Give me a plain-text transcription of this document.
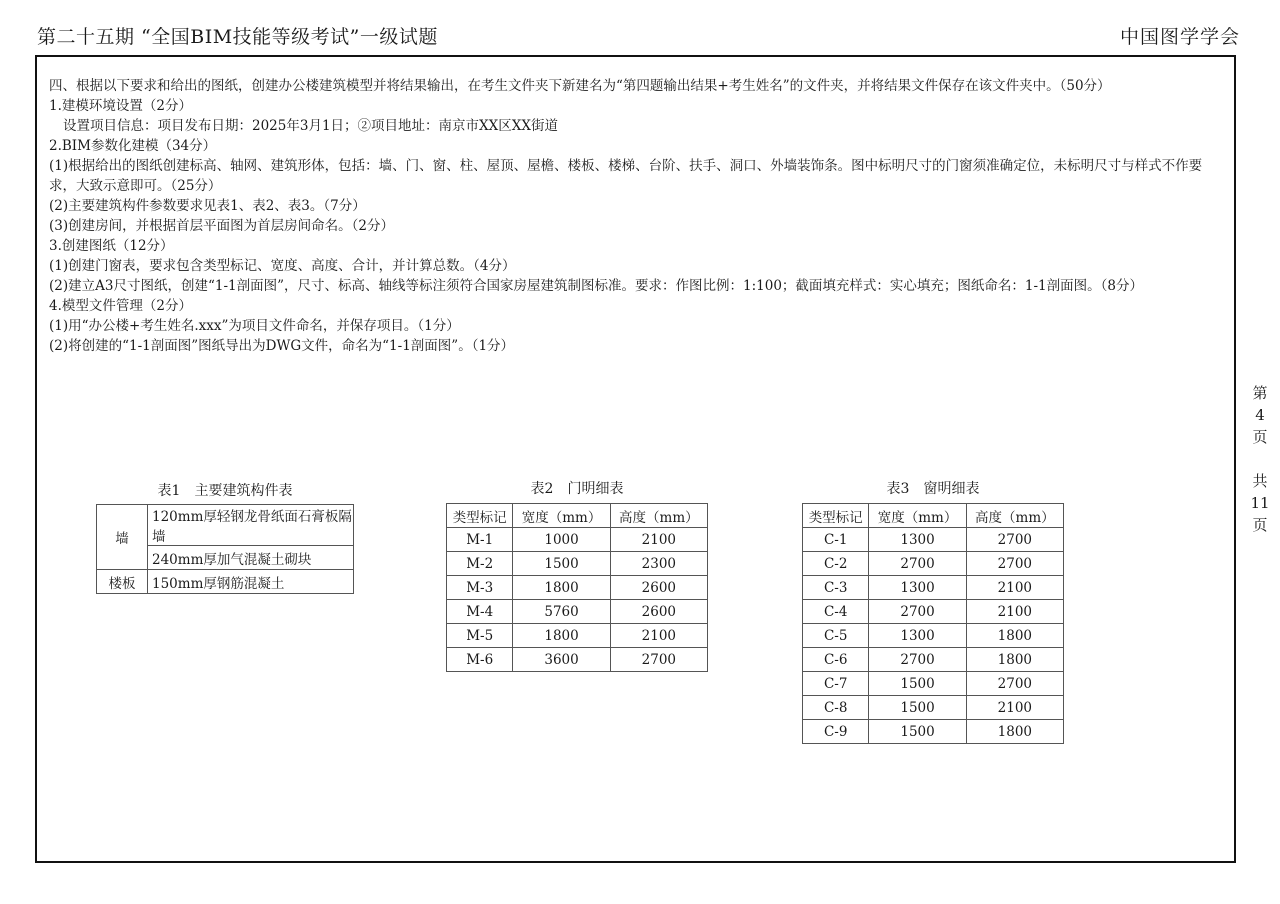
第二十五期 “全国BIM技能等级考试”一级试题	中国图学学会
第
4
页
共
11
页

四、根据以下要求和给出的图纸，创建办公楼建筑模型并将结果输出，在考生文件夹下新建名为“第四题输出结果+考生姓名”的文件夹，并将结果文件保存在该文件夹中。（50分）

1.建模环境设置（2分）

设置项目信息：项目发布日期：2025年3月1日；②项目地址：南京市XX区XX街道

2.BIM参数化建模（34分）

(1)根据给出的图纸创建标高、轴网、建筑形体，包括：墙、门、窗、柱、屋顶、屋檐、楼板、楼梯、台阶、扶手、洞口、外墙装饰条。图中标明尺寸的门窗须准确定位，未标明尺寸与样式不作要求，大致示意即可。（25分）

(2)主要建筑构件参数要求见表1、表2、表3。（7分）

(3)创建房间，并根据首层平面图为首层房间命名。（2分）

3.创建图纸（12分）

(1)创建门窗表，要求包含类型标记、宽度、高度、合计，并计算总数。（4分）

(2)建立A3尺寸图纸，创建“1-1剖面图”，尺寸、标高、轴线等标注须符合国家房屋建筑制图标准。要求：作图比例：1:100；截面填充样式：实心填充；图纸命名：1-1剖面图。（8分）

4.模型文件管理（2分）

(1)用“办公楼+考生姓名.xxx”为项目文件命名，并保存项目。（1分）

(2)将创建的“1-1剖面图”图纸导出为DWG文件，命名为“1-1剖面图”。（1分）

表1　主要建筑构件表
墙	120mm厚轻钢龙骨纸面石膏板隔墙
	240mm厚加气混凝土砌块
楼板	150mm厚钢筋混凝土
表2　门明细表
类型标记	宽度（mm）	高度（mm）
M-1	1000	2100
M-2	1500	2300
M-3	1800	2600
M-4	5760	2600
M-5	1800	2100
M-6	3600	2700
表3　窗明细表
类型标记	宽度（mm）	高度（mm）
C-1	1300	2700
C-2	2700	2700
C-3	1300	2100
C-4	2700	2100
C-5	1300	1800
C-6	2700	1800
C-7	1500	2700
C-8	1500	2100
C-9	1500	1800
